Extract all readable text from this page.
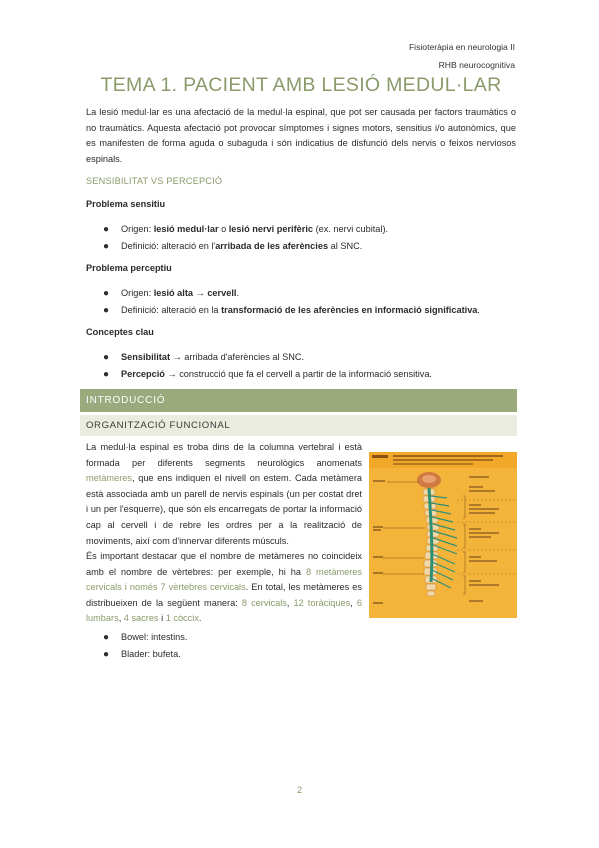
Fisioteràpia en neurologia II
RHB neurocognitiva
TEMA 1. PACIENT AMB LESIÓ MEDUL·LAR
La lesió medul·lar es una afectació de la medul·la espinal, que pot ser causada per factors traumàtics o no traumàtics. Aquesta afectació pot provocar símptomes i signes motors, sensitius i/o autonòmics, que es manifesten de forma aguda o subaguda i són indicatius de disfunció dels nervis o feixos nerviosos espinals.
SENSIBILITAT VS PERCEPCIÓ
Problema sensitiu
● Origen: lesió medul·lar o lesió nervi perifèric (ex. nervi cubital).
● Definició: alteració en l'arribada de les aferències al SNC.
Problema perceptiu
● Origen: lesió alta → cervell.
● Definició: alteració en la transformació de les aferències en informació significativa.
Conceptes clau
● Sensibilitat → arribada d'aferències al SNC.
● Percepció → construcció que fa el cervell a partir de la informació sensitiva.
INTRODUCCIÓ
ORGANITZACIÓ FUNCIONAL
La medul·la espinal es troba dins de la columna vertebral i està formada per diferents segments neurològics anomenats metàmeres, que ens indiquen el nivell on estem. Cada metàmera està associada amb un parell de nervis espinals (un per costat dret i un per l'esquerre), que són els encarregats de portar la informació cap al cervell i de rebre les ordres per a la realització de moviments, així com d'innervar diferents músculs.
És important destacar que el nombre de metàmeres no coincideix amb el nombre de vèrtebres: per exemple, hi ha 8 metàmeres cervicals i només 7 vèrtebres cervicals. En total, les metàmeres es distribueixen de la següent manera: 8 cervicals, 12 toràciques, 6 lumbars, 4 sacres i 1 còccix.
● Bowel: intestins.
● Blader: bufeta.
2
